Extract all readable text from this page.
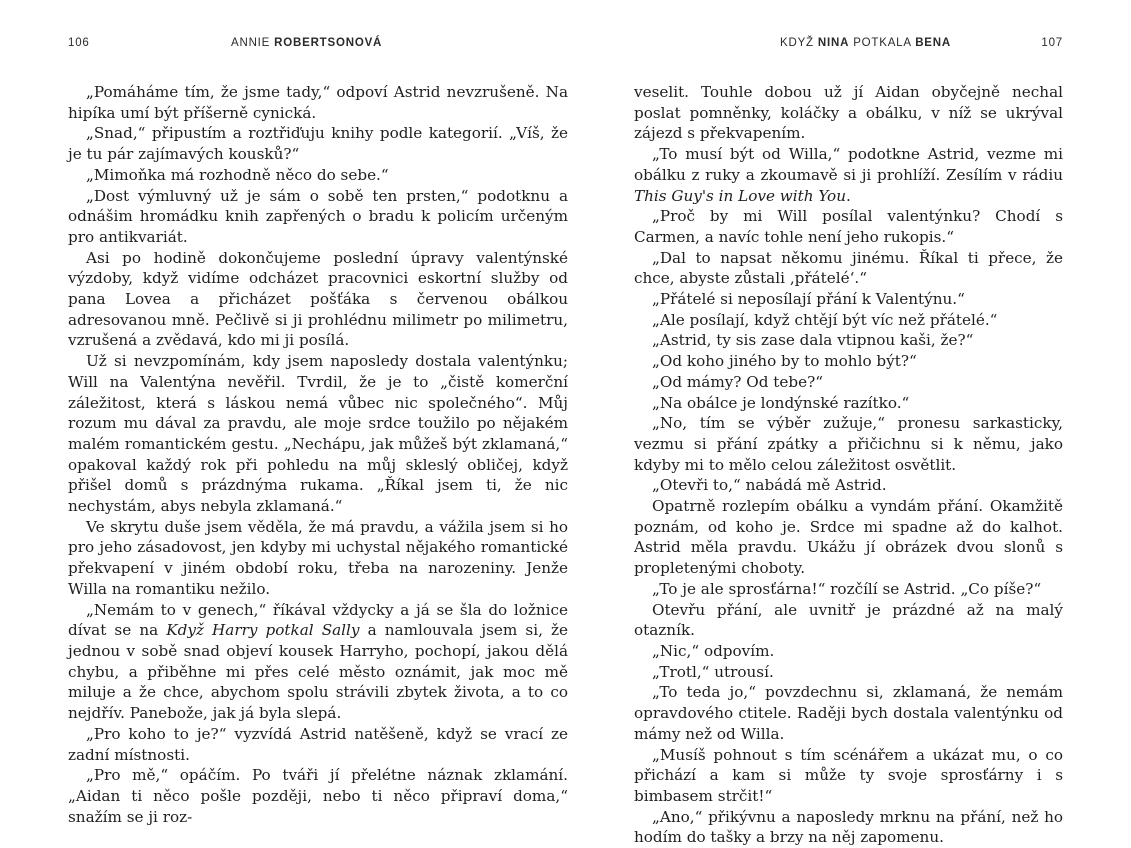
106	ANNIE ROBERTSONOVÁ

„Pomáháme tím, že jsme tady,“ odpoví Astrid nevzrušeně. Na hipíka umí být příšerně cynická.

„Snad,“ připustím a roztřiďuju knihy podle kategorií. „Víš, že je tu pár zajímavých kousků?“

„Mimoňka má rozhodně něco do sebe.“

„Dost výmluvný už je sám o sobě ten prsten,“ podotknu a odnášim hromádku knih zapřených o bradu k policím určeným pro antikvariát.

Asi po hodině dokončujeme poslední úpravy valentýnské výzdoby, když vidíme odcházet pracovnici eskortní služby od pana Lovea a přicházet pošťáka s červenou obálkou adresovanou mně. Pečlivě si ji prohlédnu milimetr po milimetru, vzrušená a zvědavá, kdo mi ji posílá.

Už si nevzpomínám, kdy jsem naposledy dostala valentýnku; Will na Valentýna nevěřil. Tvrdil, že je to „čistě komerční záležitost, která s láskou nemá vůbec nic společného“. Můj rozum mu dával za pravdu, ale moje srdce toužilo po nějakém malém romantickém gestu. „Nechápu, jak můžeš být zklamaná,“ opakoval každý rok při pohledu na můj skleslý obličej, když přišel domů s prázdnýma rukama. „Říkal jsem ti, že nic nechystám, abys nebyla zklamaná.“

Ve skrytu duše jsem věděla, že má pravdu, a vážila jsem si ho pro jeho zásadovost, jen kdyby mi uchystal nějakého romantické překvapení v jiném období roku, třeba na narozeniny. Jenže Willa na romantiku nežilo.

„Nemám to v genech,“ říkával vždycky a já se šla do ložnice dívat se na Když Harry potkal Sally a namlouvala jsem si, že jednou v sobě snad objeví kousek Harryho, pochopí, jakou dělá chybu, a přiběhne mi přes celé město oznámit, jak moc mě miluje a že chce, abychom spolu strávili zbytek života, a to co nejdřív. Panebože, jak já byla slepá.

„Pro koho to je?“ vyzvídá Astrid natěšeně, když se vrací ze zadní místnosti.

„Pro mě,“ opáčím. Po tváři jí přelétne náznak zklamání. „Aidan ti něco pošle později, nebo ti něco připraví doma,“ snažím se ji roz-

KDYŽ NINA POTKALA BENA	107

veselit. Touhle dobou už jí Aidan obyčejně nechal poslat pomněnky, koláčky a obálku, v níž se ukrýval zájezd s překvapením.

„To musí být od Willa,“ podotkne Astrid, vezme mi obálku z ruky a zkoumavě si ji prohlíží. Zesílím v rádiu This Guy's in Love with You.

„Proč by mi Will posílal valentýnku? Chodí s Carmen, a navíc tohle není jeho rukopis.“

„Dal to napsat někomu jinému. Říkal ti přece, že chce, abyste zůstali ‚přátelé‘.“

„Přátelé si neposílají přání k Valentýnu.“

„Ale posílají, když chtějí být víc než přátelé.“

„Astrid, ty sis zase dala vtipnou kaši, že?“

„Od koho jiného by to mohlo být?“

„Od mámy? Od tebe?“

„Na obálce je londýnské razítko.“

„No, tím se výběr zužuje,“ pronesu sarkasticky, vezmu si přání zpátky a přičichnu si k němu, jako kdyby mi to mělo celou záležitost osvětlit.

„Otevři to,“ nabádá mě Astrid.

Opatrně rozlepím obálku a vyndám přání. Okamžitě poznám, od koho je. Srdce mi spadne až do kalhot. Astrid měla pravdu. Ukážu jí obrázek dvou slonů s propletenými choboty.

„To je ale sprosťárna!“ rozčílí se Astrid. „Co píše?“

Otevřu přání, ale uvnitř je prázdné až na malý otazník.

„Nic,“ odpovím.

„Trotl,“ utrousí.

„To teda jo,“ povzdechnu si, zklamaná, že nemám opravdového ctitele. Raději bych dostala valentýnku od mámy než od Willa.

„Musíš pohnout s tím scénářem a ukázat mu, o co přichází a kam si může ty svoje sprosťárny i s bimbasem strčit!“

„Ano,“ přikývnu a naposledy mrknu na přání, než ho hodím do tašky a brzy na něj zapomenu.
